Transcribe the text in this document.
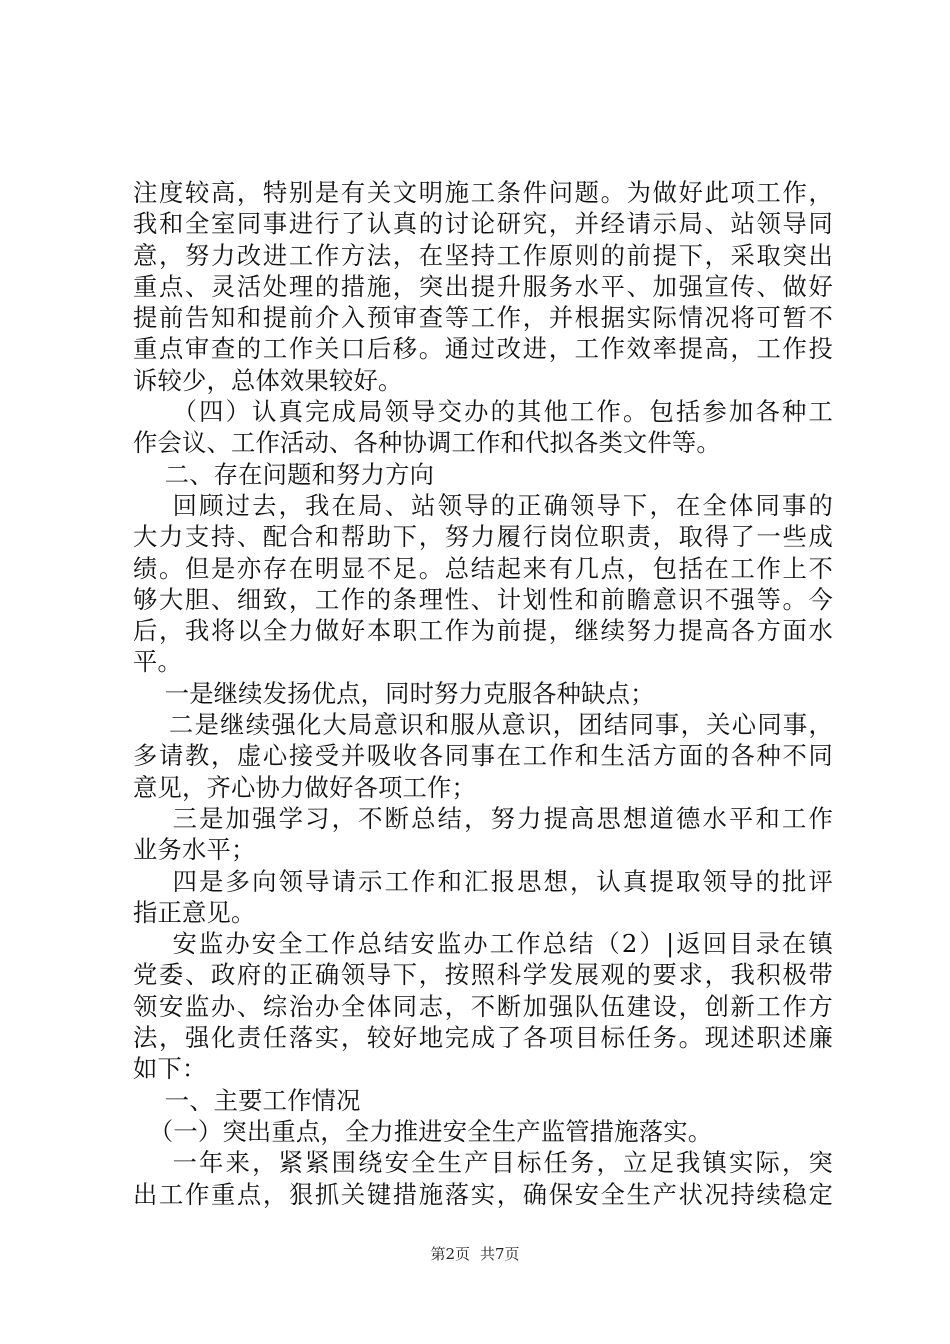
注度较高，特别是有关文明施工条件问题。为做好此项工作，
我和全室同事进行了认真的讨论研究，并经请示局、站领导同
意，努力改进工作方法，在坚持工作原则的前提下，采取突出
重点、灵活处理的措施，突出提升服务水平、加强宣传、做好
提前告知和提前介入预审查等工作，并根据实际情况将可暂不
重点审查的工作关口后移。通过改进，工作效率提高，工作投
诉较少，总体效果较好。
（四）认真完成局领导交办的其他工作。包括参加各种工
作会议、工作活动、各种协调工作和代拟各类文件等。
二、存在问题和努力方向
回顾过去，我在局、站领导的正确领导下，在全体同事的
大力支持、配合和帮助下，努力履行岗位职责，取得了一些成
绩。但是亦存在明显不足。总结起来有几点，包括在工作上不
够大胆、细致，工作的条理性、计划性和前瞻意识不强等。今
后，我将以全力做好本职工作为前提，继续努力提高各方面水
平。
一是继续发扬优点，同时努力克服各种缺点；
二是继续强化大局意识和服从意识，团结同事，关心同事，
多请教，虚心接受并吸收各同事在工作和生活方面的各种不同
意见，齐心协力做好各项工作；
三是加强学习，不断总结，努力提高思想道德水平和工作
业务水平；
四是多向领导请示工作和汇报思想，认真提取领导的批评
指正意见。
安监办安全工作总结安监办工作总结（2）|返回目录在镇
党委、政府的正确领导下，按照科学发展观的要求，我积极带
领安监办、综治办全体同志，不断加强队伍建设，创新工作方
法，强化责任落实，较好地完成了各项目标任务。现述职述廉
如下：
一、主要工作情况
（一）突出重点，全力推进安全生产监管措施落实。
一年来，紧紧围绕安全生产目标任务，立足我镇实际，突
出工作重点，狠抓关键措施落实，确保安全生产状况持续稳定
第2页 共7页
